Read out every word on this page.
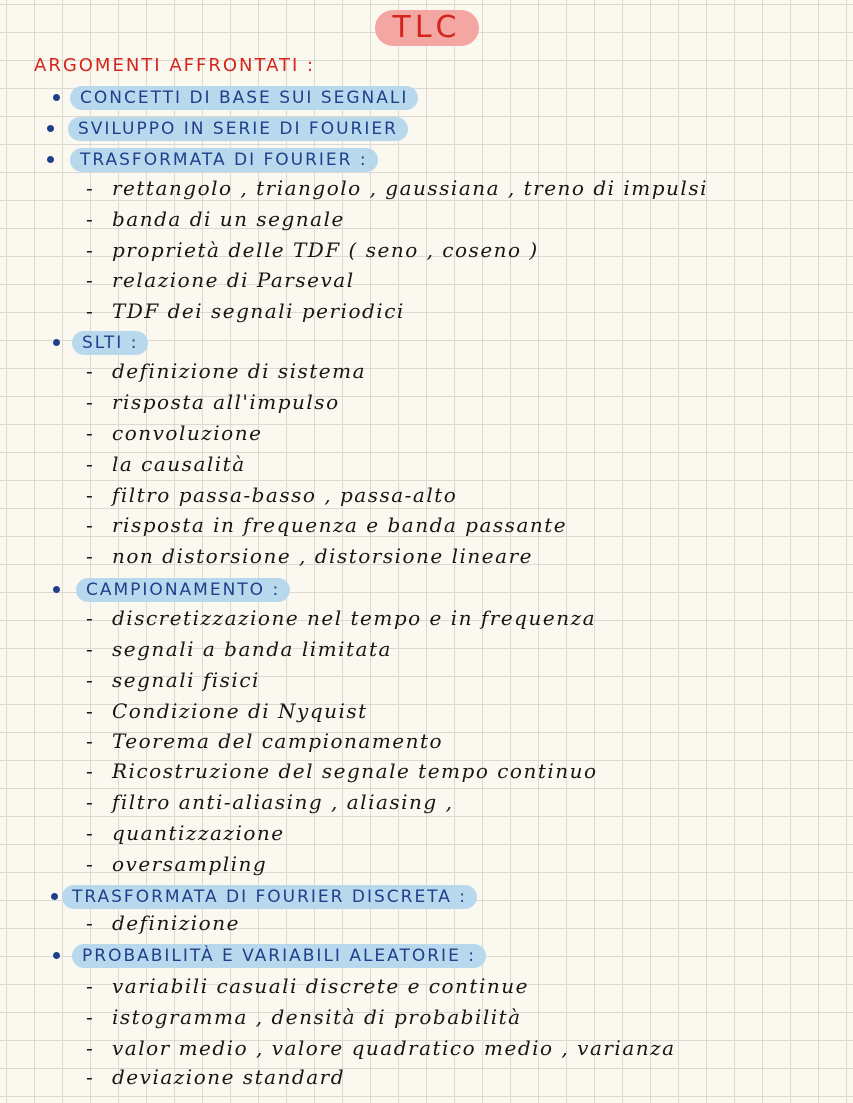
TLC
ARGOMENTI AFFRONTATI :
CONCETTI DI BASE SUI SEGNALI
SVILUPPO IN SERIE DI FOURIER
TRASFORMATA DI FOURIER :
- rettangolo , triangolo , gaussiana , treno di impulsi
- banda di un segnale
- proprietà delle TDF ( seno , coseno )
- relazione di Parseval
- TDF dei segnali periodici
SLTI :
- definizione di sistema
- risposta all'impulso
- convoluzione
- la causalità
- filtro passa-basso , passa-alto
- risposta in frequenza e banda passante
- non distorsione , distorsione lineare
CAMPIONAMENTO :
- discretizzazione nel tempo e in frequenza
- segnali a banda limitata
- segnali fisici
- Condizione di Nyquist
- Teorema del campionamento
- Ricostruzione del segnale tempo continuo
- filtro anti-aliasing , aliasing ,
- quantizzazione
- oversampling
TRASFORMATA DI FOURIER DISCRETA :
- definizione
PROBABILITÀ E VARIABILI ALEATORIE :
- variabili casuali discrete e continue
- istogramma , densità di probabilità
- valor medio , valore quadratico medio , varianza
- deviazione standard
